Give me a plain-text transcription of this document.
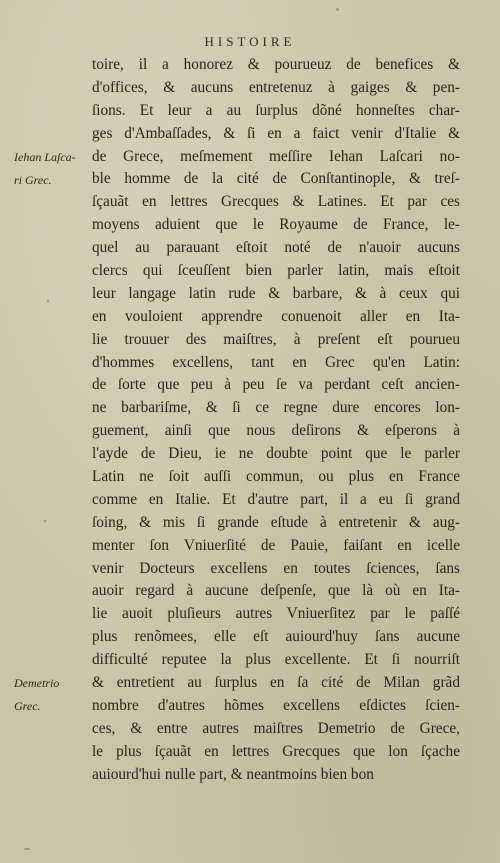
HISTOIRE
toire, il a honorez & pourueuz de benefices &
d'offices, & aucuns entretenuz à gaiges & pen-
ſions. Et leur a au ſurplus dõné honneſtes char-
ges d'Ambaſſades, & ſi en a faict venir d'Italie &
de Grece, meſmement meſſire Iehan Laſcari no-
ble homme de la cité de Conſtantinople, & treſ-
ſçauãt en lettres Grecques & Latines. Et par ces
moyens aduient que le Royaume de France, le-
quel au parauant eſtoit noté de n'auoir aucuns
clercs qui ſceuſſent bien parler latin, mais eſtoit
leur langage latin rude & barbare, & à ceux qui
en vouloient apprendre conuenoit aller en Ita-
lie trouuer des maiſtres, à preſent eſt pourueu
d'hommes excellens, tant en Grec qu'en Latin:
de ſorte que peu à peu ſe va perdant ceſt ancien-
ne barbariſme, & ſi ce regne dure encores lon-
guement, ainſi que nous deſirons & eſperons à
l'ayde de Dieu, ie ne doubte point que le parler
Latin ne ſoit auſſi commun, ou plus en France
comme en Italie. Et d'autre part, il a eu ſi grand
ſoing, & mis ſi grande eſtude à entretenir & aug-
menter ſon Vniuerſité de Pauie, faiſant en icelle
venir Docteurs excellens en toutes ſciences, ſans
auoir regard à aucune deſpenſe, que là où en Ita-
lie auoit pluſieurs autres Vniuerſitez par le paſſé
plus renõmees, elle eſt auiourd'huy ſans aucune
difficulté reputee la plus excellente. Et ſi nourriſt
& entretient au ſurplus en ſa cité de Milan grãd
nombre d'autres hõmes excellens eſdictes ſcien-
ces, & entre autres maiſtres Demetrio de Grece,
le plus ſçauãt en lettres Grecques que lon ſçache
auiourd'hui nulle part, & neantmoins bien bon
Iehan Laſca-
ri Grec.
Demetrio
Grec.
